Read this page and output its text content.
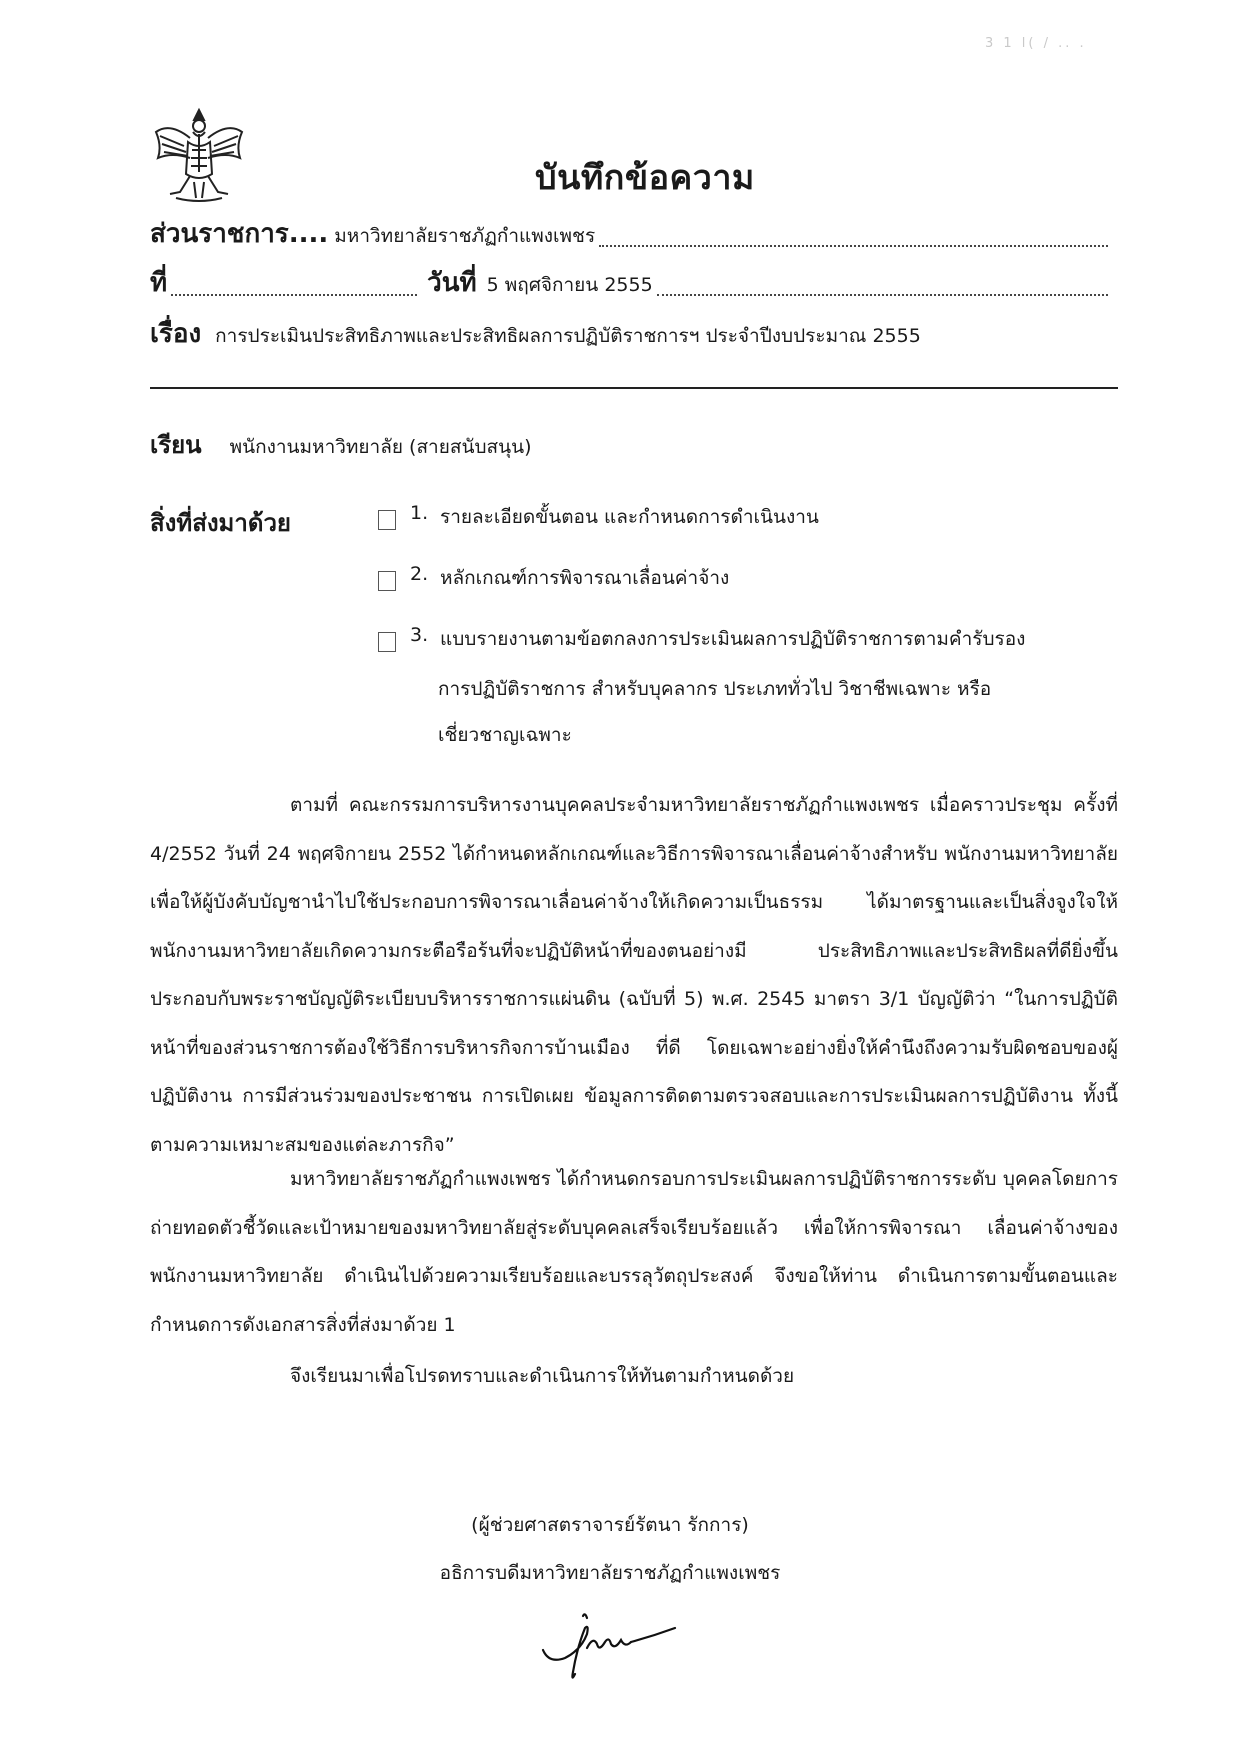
3 1 l( / .. .
บันทึกข้อความ
ส่วนราชการ.... มหาวิทยาลัยราชภัฏกำแพงเพชร
ที่	วันที่ 5 พฤศจิกายน 2555
เรื่อง การประเมินประสิทธิภาพและประสิทธิผลการปฏิบัติราชการฯ ประจำปีงบประมาณ 2555
เรียน พนักงานมหาวิทยาลัย (สายสนับสนุน)
สิ่งที่ส่งมาด้วย	1. รายละเอียดขั้นตอน และกำหนดการดำเนินงาน
2. หลักเกณฑ์การพิจารณาเลื่อนค่าจ้าง
3. แบบรายงานตามข้อตกลงการประเมินผลการปฏิบัติราชการตามคำรับรอง
การปฏิบัติราชการ สำหรับบุคลากร ประเภททั่วไป วิชาชีพเฉพาะ หรือ
เชี่ยวชาญเฉพาะ

ตามที่ คณะกรรมการบริหารงานบุคคลประจำมหาวิทยาลัยราชภัฏกำแพงเพชร เมื่อคราวประชุม ครั้งที่ 4/2552 วันที่ 24 พฤศจิกายน 2552 ได้กำหนดหลักเกณฑ์และวิธีการพิจารณาเลื่อนค่าจ้างสำหรับ พนักงานมหาวิทยาลัย เพื่อให้ผู้บังคับบัญชานำไปใช้ประกอบการพิจารณาเลื่อนค่าจ้างให้เกิดความเป็นธรรม ได้มาตรฐานและเป็นสิ่งจูงใจให้พนักงานมหาวิทยาลัยเกิดความกระตือรือร้นที่จะปฏิบัติหน้าที่ของตนอย่างมี ประสิทธิภาพและประสิทธิผลที่ดียิ่งขึ้น ประกอบกับพระราชบัญญัติระเบียบบริหารราชการแผ่นดิน (ฉบับที่ 5) พ.ศ. 2545 มาตรา 3/1 บัญญัติว่า “ในการปฏิบัติหน้าที่ของส่วนราชการต้องใช้วิธีการบริหารกิจการบ้านเมือง ที่ดี โดยเฉพาะอย่างยิ่งให้คำนึงถึงความรับผิดชอบของผู้ปฏิบัติงาน การมีส่วนร่วมของประชาชน การเปิดเผย ข้อมูลการติดตามตรวจสอบและการประเมินผลการปฏิบัติงาน ทั้งนี้ ตามความเหมาะสมของแต่ละภารกิจ”

มหาวิทยาลัยราชภัฏกำแพงเพชร ได้กำหนดกรอบการประเมินผลการปฏิบัติราชการระดับ บุคคลโดยการถ่ายทอดตัวชี้วัดและเป้าหมายของมหาวิทยาลัยสู่ระดับบุคคลเสร็จเรียบร้อยแล้ว เพื่อให้การพิจารณา เลื่อนค่าจ้างของพนักงานมหาวิทยาลัย ดำเนินไปด้วยความเรียบร้อยและบรรลุวัตถุประสงค์ จึงขอให้ท่าน ดำเนินการตามขั้นตอนและกำหนดการดังเอกสารสิ่งที่ส่งมาด้วย 1

จึงเรียนมาเพื่อโปรดทราบและดำเนินการให้ทันตามกำหนดด้วย
(ผู้ช่วยศาสตราจารย์รัตนา รักการ)
อธิการบดีมหาวิทยาลัยราชภัฏกำแพงเพชร
